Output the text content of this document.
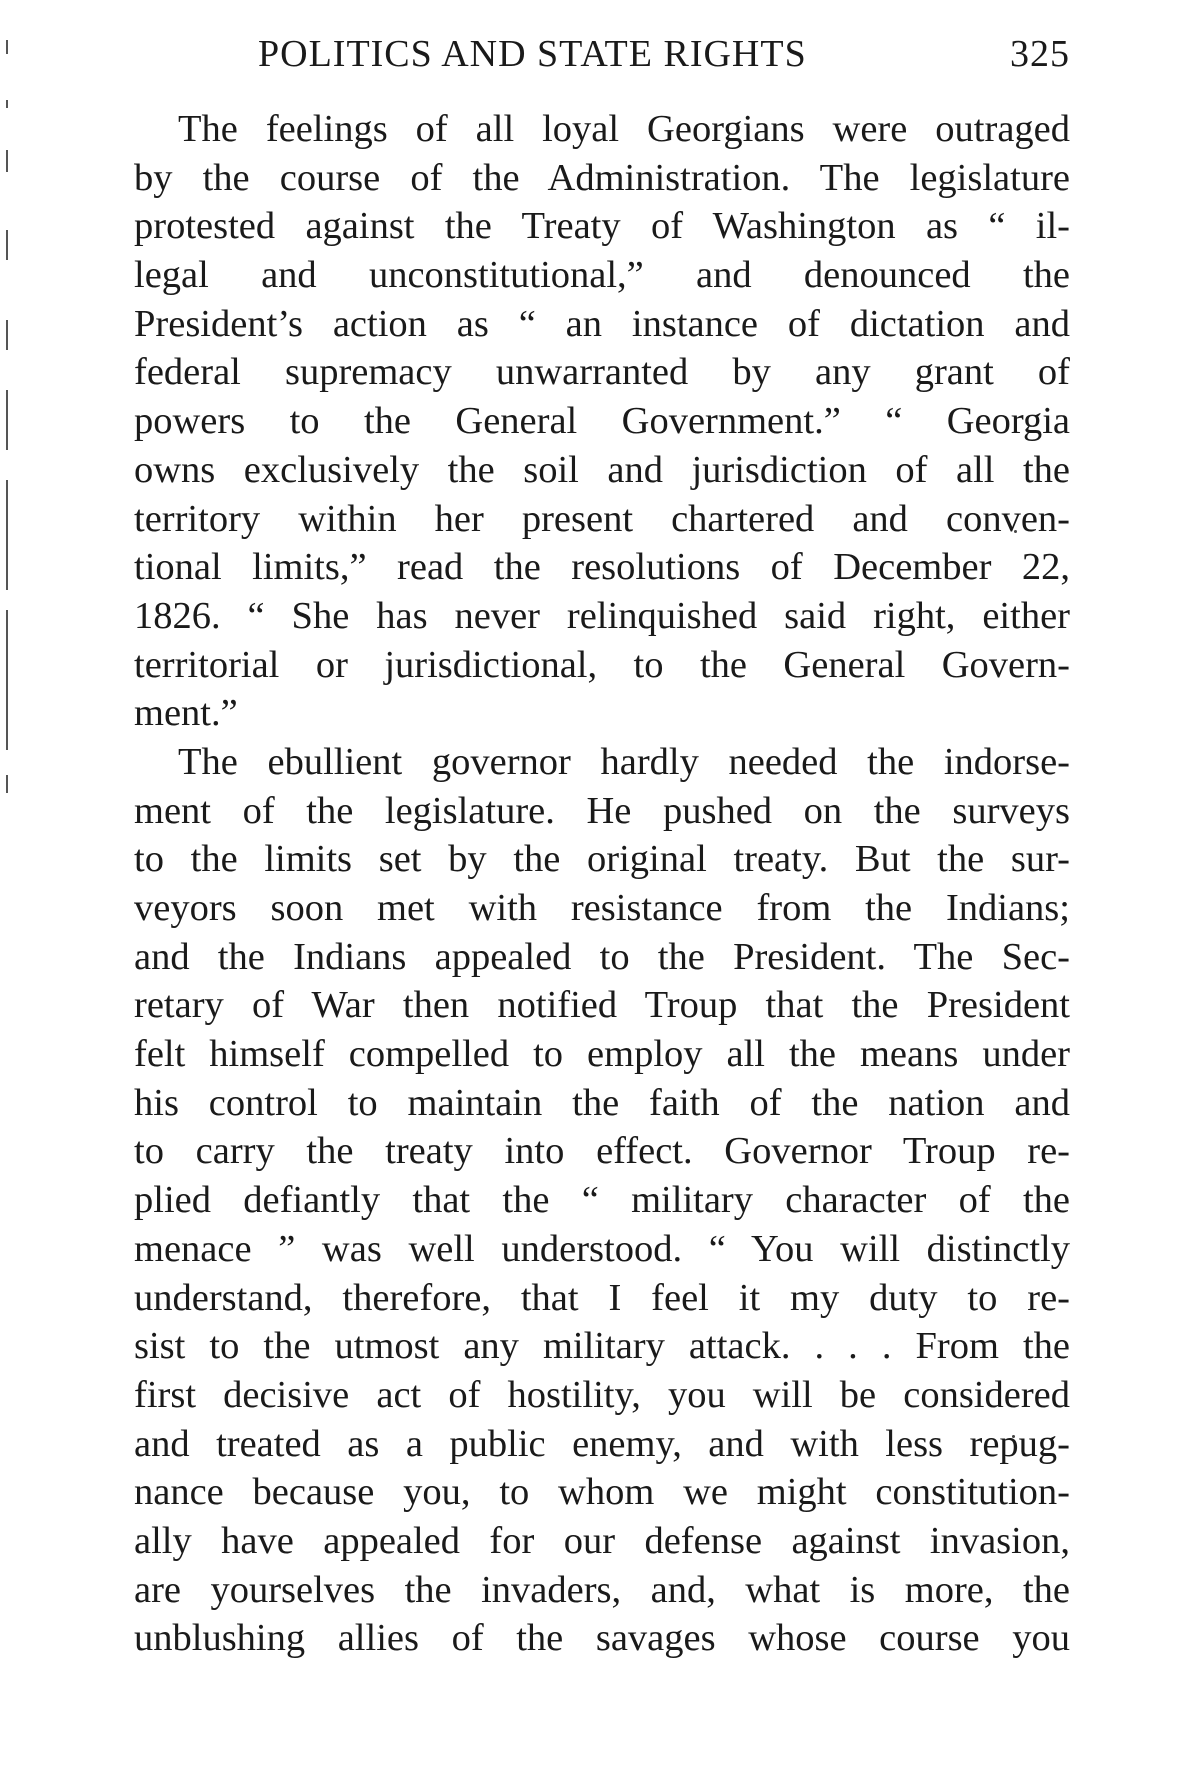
POLITICS AND STATE RIGHTS	325
The feelings of all loyal Georgians were outraged
by the course of the Administration. The legislature
protested against the Treaty of Washington as “ il-
legal and unconstitutional,” and denounced the
President’s action as “ an instance of dictation and
federal supremacy unwarranted by any grant of
powers to the General Government.” “ Georgia
owns exclusively the soil and jurisdiction of all the
territory within her present chartered and conven-
tional limits,” read the resolutions of December 22,
1826. “ She has never relinquished said right, either
territorial or jurisdictional, to the General Govern-
ment.”
The ebullient governor hardly needed the indorse-
ment of the legislature. He pushed on the surveys
to the limits set by the original treaty. But the sur-
veyors soon met with resistance from the Indians;
and the Indians appealed to the President. The Sec-
retary of War then notified Troup that the President
felt himself compelled to employ all the means under
his control to maintain the faith of the nation and
to carry the treaty into effect. Governor Troup re-
plied defiantly that the “ military character of the
menace ” was well understood. “ You will distinctly
understand, therefore, that I feel it my duty to re-
sist to the utmost any military attack. . . . From the
first decisive act of hostility, you will be considered
and treated as a public enemy, and with less repug-
nance because you, to whom we might constitution-
ally have appealed for our defense against invasion,
are yourselves the invaders, and, what is more, the
unblushing allies of the savages whose course you
